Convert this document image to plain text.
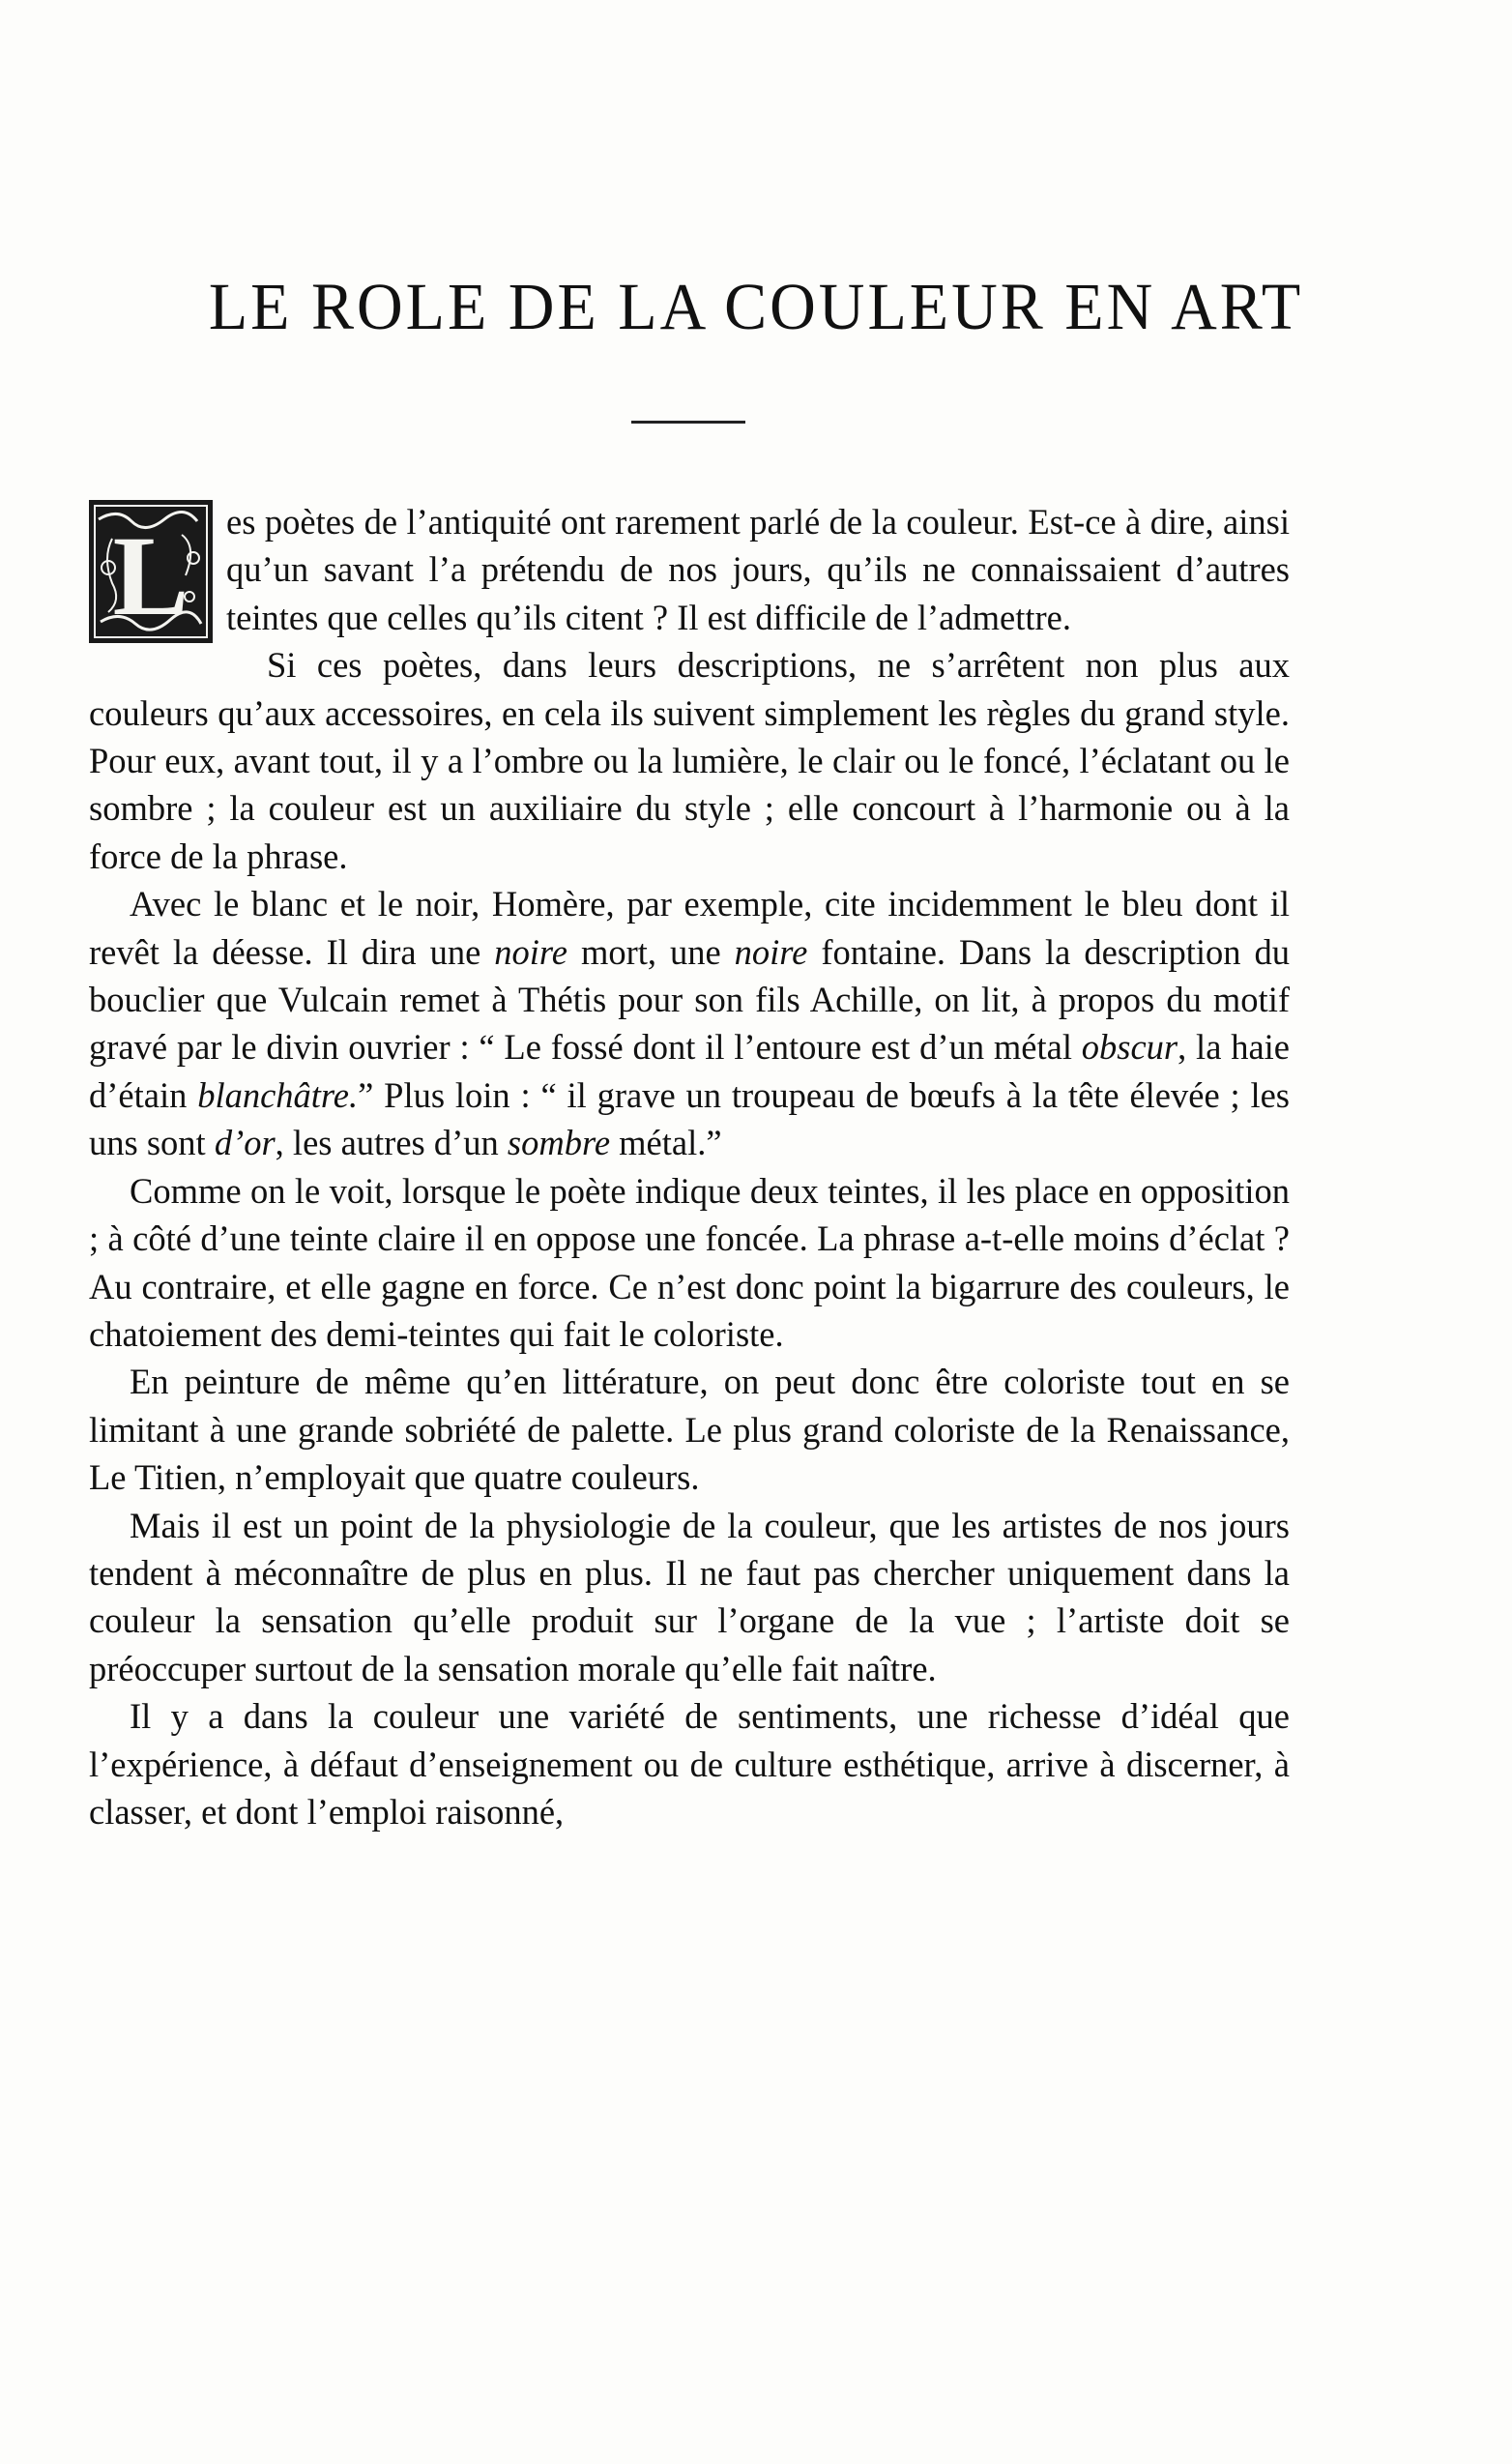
LE ROLE DE LA COULEUR EN ART

L es poètes de l’antiquité ont rarement parlé de la couleur. Est-ce à dire, ainsi qu’un savant l’a prétendu de nos jours, qu’ils ne connaissaient d’autres teintes que celles qu’ils citent ? Il est difficile de l’admettre.

Si ces poètes, dans leurs descriptions, ne s’arrêtent non plus aux couleurs qu’aux accessoires, en cela ils suivent simplement les règles du grand style. Pour eux, avant tout, il y a l’ombre ou la lumière, le clair ou le foncé, l’éclatant ou le sombre ; la couleur est un auxiliaire du style ; elle concourt à l’harmonie ou à la force de la phrase.

Avec le blanc et le noir, Homère, par exemple, cite incidemment le bleu dont il revêt la déesse. Il dira une noire mort, une noire fontaine. Dans la description du bouclier que Vulcain remet à Thétis pour son fils Achille, on lit, à propos du motif gravé par le divin ouvrier : “ Le fossé dont il l’entoure est d’un métal obscur, la haie d’étain blanchâtre.” Plus loin : “ il grave un troupeau de bœufs à la tête élevée ; les uns sont d’or, les autres d’un sombre métal.”

Comme on le voit, lorsque le poète indique deux teintes, il les place en opposition ; à côté d’une teinte claire il en oppose une foncée. La phrase a-t-elle moins d’éclat ? Au contraire, et elle gagne en force. Ce n’est donc point la bigarrure des couleurs, le chatoiement des demi-teintes qui fait le coloriste.

En peinture de même qu’en littérature, on peut donc être coloriste tout en se limitant à une grande sobriété de palette. Le plus grand coloriste de la Renaissance, Le Titien, n’employait que quatre couleurs.

Mais il est un point de la physiologie de la couleur, que les artistes de nos jours tendent à méconnaître de plus en plus. Il ne faut pas chercher uniquement dans la couleur la sensation qu’elle produit sur l’organe de la vue ; l’artiste doit se préoccuper surtout de la sensation morale qu’elle fait naître.

Il y a dans la couleur une variété de sentiments, une richesse d’idéal que l’expérience, à défaut d’enseignement ou de culture esthétique, arrive à discerner, à classer, et dont l’emploi raisonné,
